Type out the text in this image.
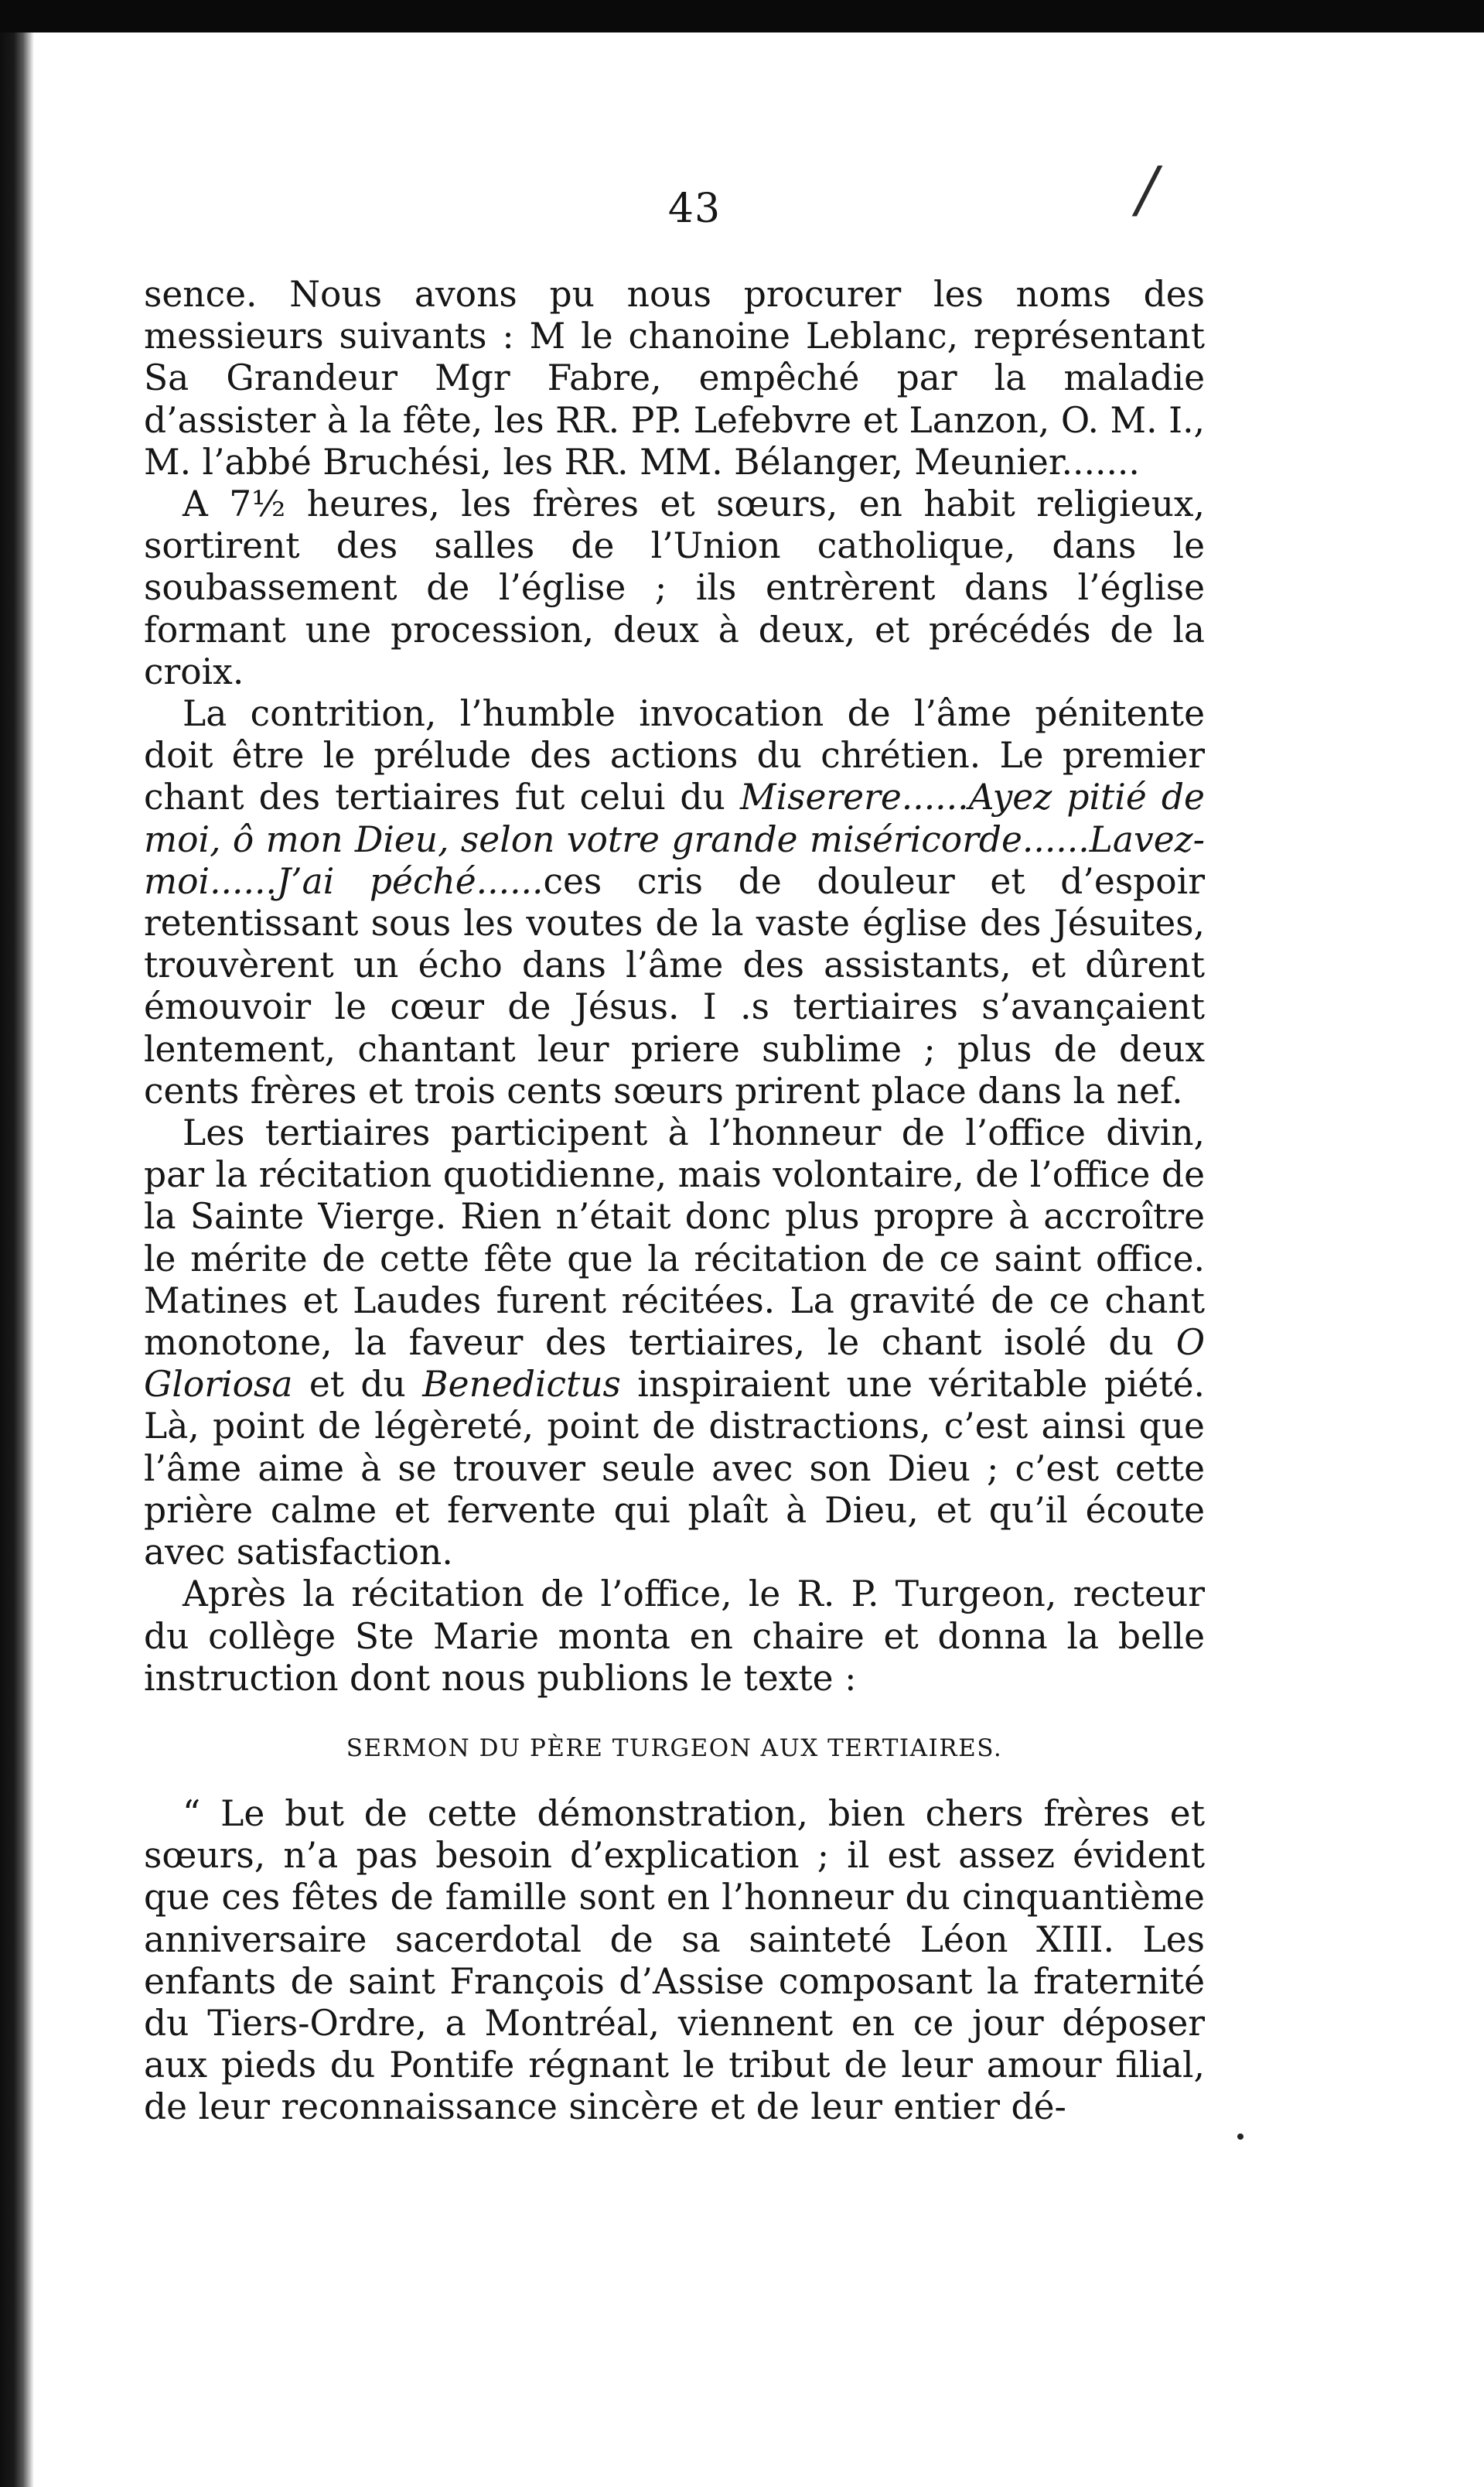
43	/

sence. Nous avons pu nous procurer les noms des messieurs suivants : M le chanoine Leblanc, représentant Sa Grandeur Mgr Fabre, empêché par la maladie d’assister à la fête, les RR. PP. Lefebvre et Lanzon, O. M. I., M. l’abbé Bruchési, les RR. MM. Bélanger, Meunier.......

A 7½ heures, les frères et sœurs, en habit religieux, sortirent des salles de l’Union catholique, dans le soubassement de l’église ; ils entrèrent dans l’église formant une procession, deux à deux, et précédés de la croix.

La contrition, l’humble invocation de l’âme pénitente doit être le prélude des actions du chrétien. Le premier chant des tertiaires fut celui du Miserere......Ayez pitié de moi, ô mon Dieu, selon votre grande miséricorde......Lavez-moi......J’ai péché......ces cris de douleur et d’espoir retentissant sous les voutes de la vaste église des Jésuites, trouvèrent un écho dans l’âme des assistants, et dûrent émouvoir le cœur de Jésus. I .s tertiaires s’avançaient lentement, chantant leur priere sublime ; plus de deux cents frères et trois cents sœurs prirent place dans la nef.

Les tertiaires participent à l’honneur de l’office divin, par la récitation quotidienne, mais volontaire, de l’office de la Sainte Vierge. Rien n’était donc plus propre à accroître le mérite de cette fête que la récitation de ce saint office. Matines et Laudes furent récitées. La gravité de ce chant monotone, la faveur des tertiaires, le chant isolé du O Gloriosa et du Benedictus inspiraient une véritable piété. Là, point de légèreté, point de distractions, c’est ainsi que l’âme aime à se trouver seule avec son Dieu ; c’est cette prière calme et fervente qui plaît à Dieu, et qu’il écoute avec satisfaction.

Après la récitation de l’office, le R. P. Turgeon, recteur du collège Ste Marie monta en chaire et donna la belle instruction dont nous publions le texte :

SERMON DU PÈRE TURGEON AUX TERTIAIRES.

“ Le but de cette démonstration, bien chers frères et sœurs, n’a pas besoin d’explication ; il est assez évident que ces fêtes de famille sont en l’honneur du cinquantième anniversaire sacerdotal de sa sainteté Léon XIII. Les enfants de saint François d’Assise composant la fraternité du Tiers-Ordre, a Montréal, viennent en ce jour déposer aux pieds du Pontife régnant le tribut de leur amour filial, de leur reconnaissance sincère et de leur entier dé-
